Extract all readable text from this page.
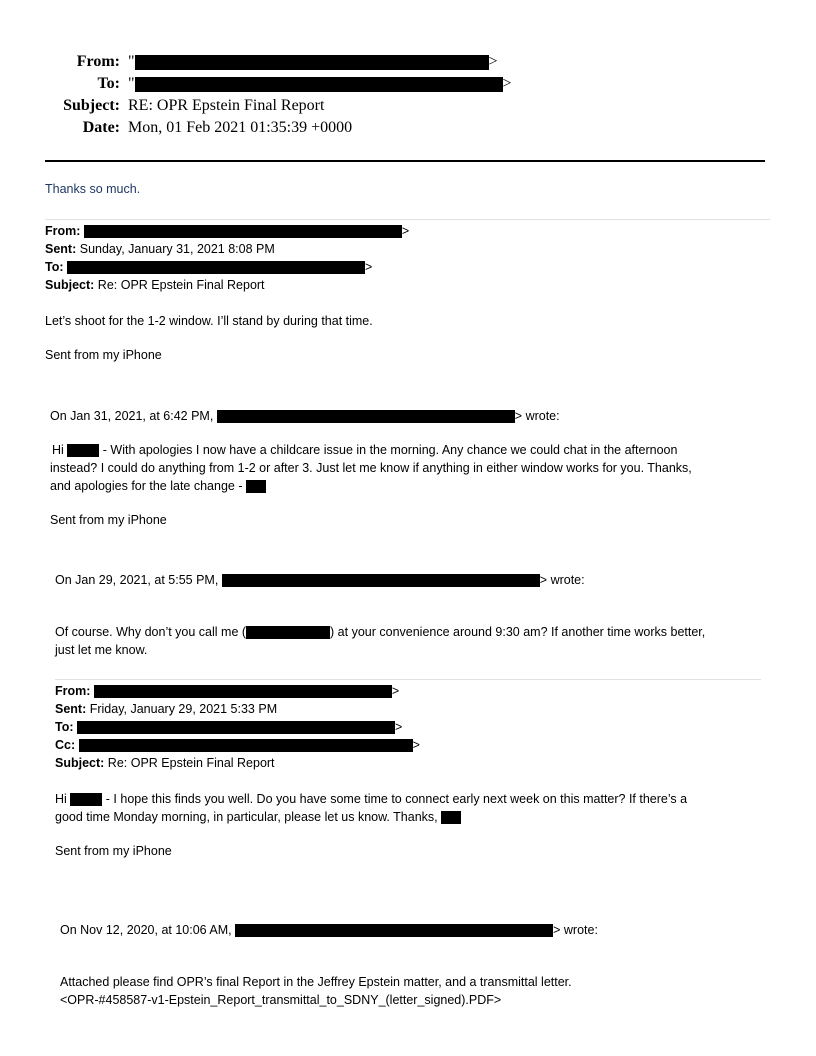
From: "	>
To: "	>
Subject: RE: OPR Epstein Final Report
Date: Mon, 01 Feb 2021 01:35:39 +0000
Thanks so much.
From:	>
Sent: Sunday, January 31, 2021 8:08 PM
To:	>
Subject: Re: OPR Epstein Final Report
Let’s shoot for the 1-2 window. I’ll stand by during that time.
Sent from my iPhone
On Jan 31, 2021, at 6:42 PM,	> wrote:
Hi	- With apologies I now have a childcare issue in the morning. Any chance we could chat in the afternoon
instead? I could do anything from 1-2 or after 3. Just let me know if anything in either window works for you. Thanks,
and apologies for the late change -
Sent from my iPhone
On Jan 29, 2021, at 5:55 PM,	> wrote:
Of course. Why don’t you call me (	) at your convenience around 9:30 am? If another time works better,
just let me know.
From:	>
Sent: Friday, January 29, 2021 5:33 PM
To:	>
Cc:	>
Subject: Re: OPR Epstein Final Report
Hi	- I hope this finds you well. Do you have some time to connect early next week on this matter? If there’s a
good time Monday morning, in particular, please let us know. Thanks,
Sent from my iPhone
On Nov 12, 2020, at 10:06 AM,	> wrote:
Attached please find OPR’s final Report in the Jeffrey Epstein matter, and a transmittal letter.
<OPR-#458587-v1-Epstein_Report_transmittal_to_SDNY_(letter_signed).PDF>
